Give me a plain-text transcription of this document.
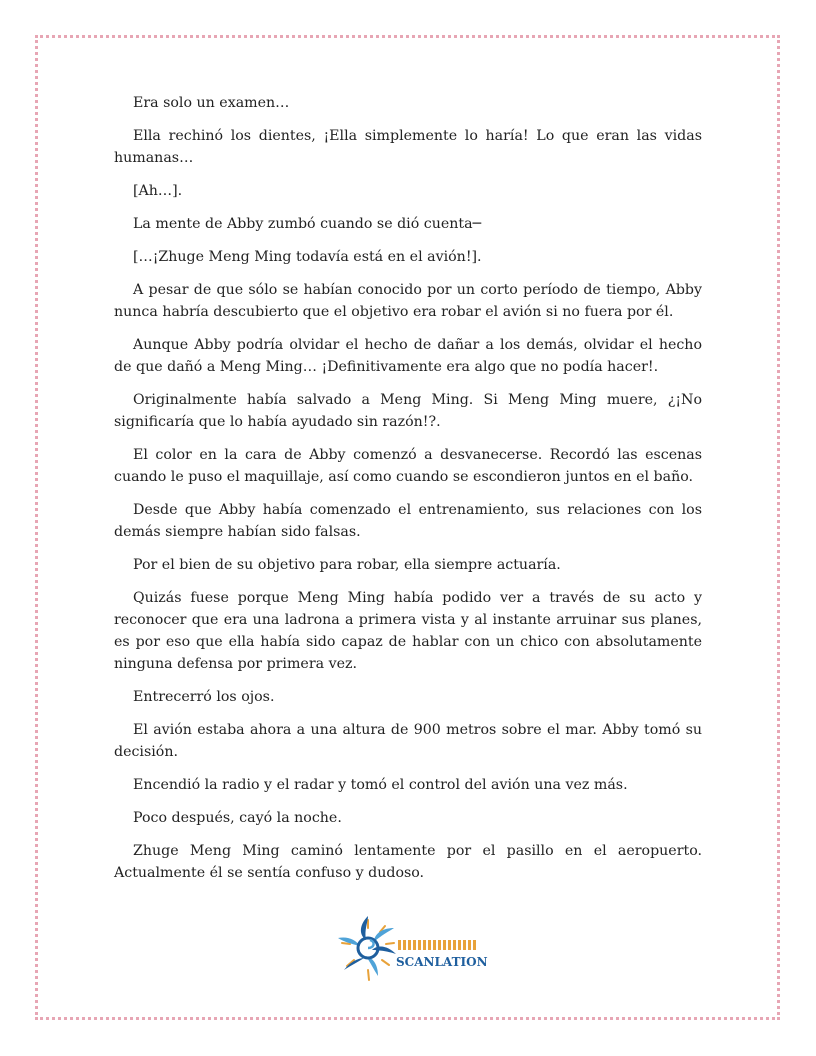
Era solo un examen…

Ella rechinó los dientes, ¡Ella simplemente lo haría! Lo que eran las vidas humanas…

[Ah…].

La mente de Abby zumbó cuando se dió cuenta─

[…¡Zhuge Meng Ming todavía está en el avión!].

A pesar de que sólo se habían conocido por un corto período de tiempo, Abby nunca habría descubierto que el objetivo era robar el avión si no fuera por él.

Aunque Abby podría olvidar el hecho de dañar a los demás, olvidar el hecho de que dañó a Meng Ming… ¡Definitivamente era algo que no podía hacer!.

Originalmente había salvado a Meng Ming. Si Meng Ming muere, ¿¡No significaría que lo había ayudado sin razón!?.

El color en la cara de Abby comenzó a desvanecerse. Recordó las escenas cuando le puso el maquillaje, así como cuando se escondieron juntos en el baño.

Desde que Abby había comenzado el entrenamiento, sus relaciones con los demás siempre habían sido falsas.

Por el bien de su objetivo para robar, ella siempre actuaría.

Quizás fuese porque Meng Ming había podido ver a través de su acto y reconocer que era una ladrona a primera vista y al instante arruinar sus planes, es por eso que ella había sido capaz de hablar con un chico con absolutamente ninguna defensa por primera vez.

Entrecerró los ojos.

El avión estaba ahora a una altura de 900 metros sobre el mar. Abby tomó su decisión.

Encendió la radio y el radar y tomó el control del avión una vez más.

Poco después, cayó la noche.

Zhuge Meng Ming caminó lentamente por el pasillo en el aeropuerto. Actualmente él se sentía confuso y dudoso.

SCANLATION
